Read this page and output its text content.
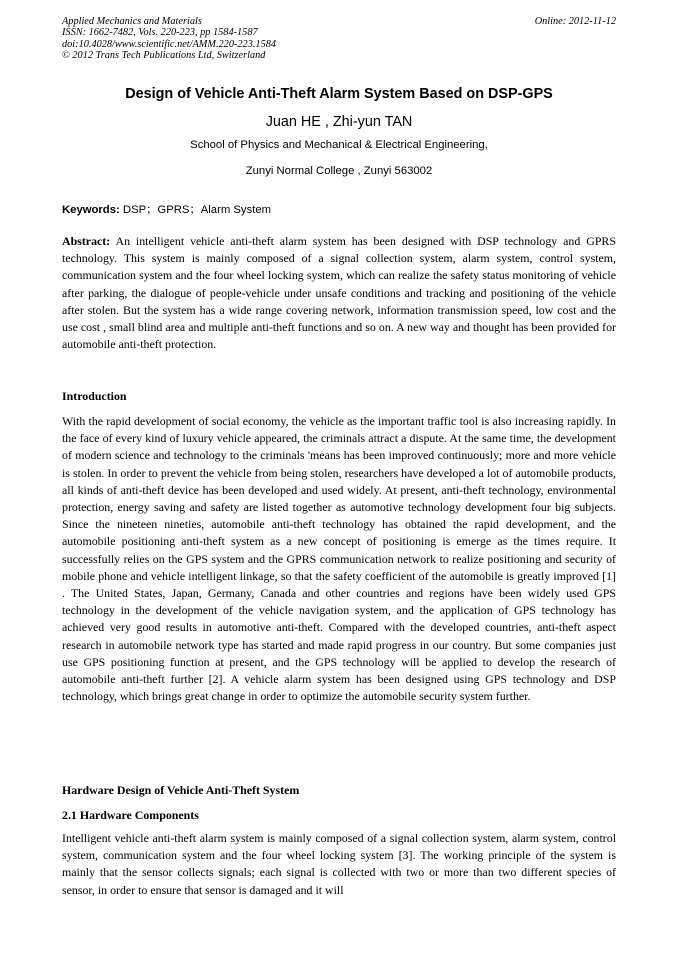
Applied Mechanics and Materials
ISSN: 1662-7482, Vols. 220-223, pp 1584-1587
doi:10.4028/www.scientific.net/AMM.220-223.1584
© 2012 Trans Tech Publications Ltd, Switzerland
Online: 2012-11-12
Design of Vehicle Anti-Theft Alarm System Based on DSP-GPS
Juan HE , Zhi-yun TAN
School of Physics and Mechanical & Electrical Engineering,
Zunyi Normal College , Zunyi 563002
Keywords: DSP；GPRS；Alarm System

Abstract: An intelligent vehicle anti-theft alarm system has been designed with DSP technology and GPRS technology. This system is mainly composed of a signal collection system, alarm system, control system, communication system and the four wheel locking system, which can realize the safety status monitoring of vehicle after parking, the dialogue of people-vehicle under unsafe conditions and tracking and positioning of the vehicle after stolen. But the system has a wide range covering network, information transmission speed, low cost and the use cost , small blind area and multiple anti-theft functions and so on. A new way and thought has been provided for automobile anti-theft protection.

Introduction

With the rapid development of social economy, the vehicle as the important traffic tool is also increasing rapidly. In the face of every kind of luxury vehicle appeared, the criminals attract a dispute. At the same time, the development of modern science and technology to the criminals 'means has been improved continuously; more and more vehicle is stolen. In order to prevent the vehicle from being stolen, researchers have developed a lot of automobile products, all kinds of anti-theft device has been developed and used widely. At present, anti-theft technology, environmental protection, energy saving and safety are listed together as automotive technology development four big subjects. Since the nineteen nineties, automobile anti-theft technology has obtained the rapid development, and the automobile positioning anti-theft system as a new concept of positioning is emerge as the times require. It successfully relies on the GPS system and the GPRS communication network to realize positioning and security of mobile phone and vehicle intelligent linkage, so that the safety coefficient of the automobile is greatly improved [1] . The United States, Japan, Germany, Canada and other countries and regions have been widely used GPS technology in the development of the vehicle navigation system, and the application of GPS technology has achieved very good results in automotive anti-theft. Compared with the developed countries, anti-theft aspect research in automobile network type has started and made rapid progress in our country. But some companies just use GPS positioning function at present, and the GPS technology will be applied to develop the research of automobile anti-theft further [2]. A vehicle alarm system has been designed using GPS technology and DSP technology, which brings great change in order to optimize the automobile security system further.

Hardware Design of Vehicle Anti-Theft System
2.1 Hardware Components

Intelligent vehicle anti-theft alarm system is mainly composed of a signal collection system, alarm system, control system, communication system and the four wheel locking system [3]. The working principle of the system is mainly that the sensor collects signals; each signal is collected with two or more than two different species of sensor, in order to ensure that sensor is damaged and it will
